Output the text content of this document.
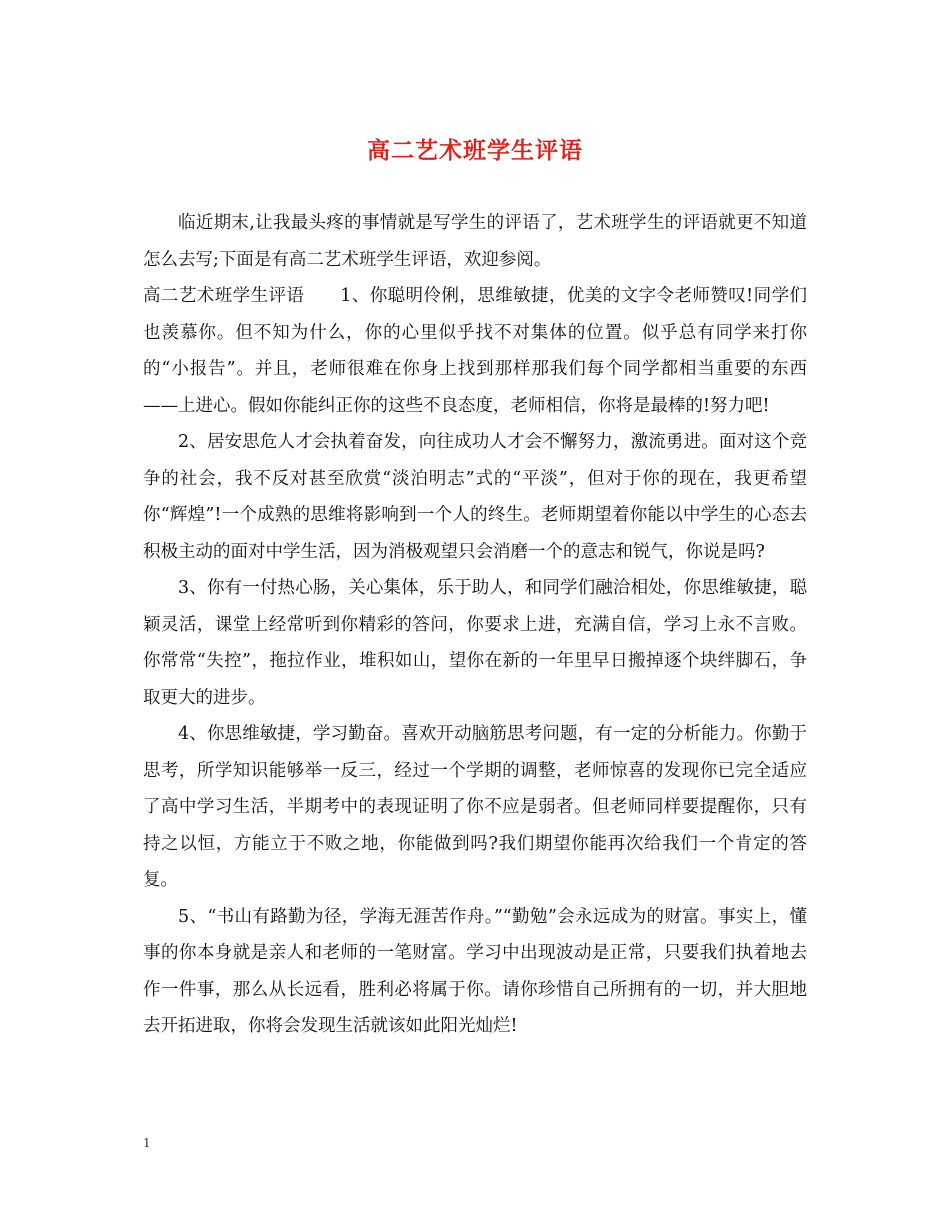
高二艺术班学生评语

临近期末,让我最头疼的事情就是写学生的评语了，艺术班学生的评语就更不知道怎么去写;下面是有高二艺术班学生评语，欢迎参阅。

高二艺术班学生评语　　1、你聪明伶俐，思维敏捷，优美的文字令老师赞叹!同学们也羡慕你。但不知为什么，你的心里似乎找不对集体的位置。似乎总有同学来打你的“小报告”。并且，老师很难在你身上找到那样那我们每个同学都相当重要的东西——上进心。假如你能纠正你的这些不良态度，老师相信，你将是最棒的!努力吧!

2、居安思危人才会执着奋发，向往成功人才会不懈努力，激流勇进。面对这个竞争的社会，我不反对甚至欣赏“淡泊明志”式的“平淡”，但对于你的现在，我更希望你“辉煌”!一个成熟的思维将影响到一个人的终生。老师期望着你能以中学生的心态去积极主动的面对中学生活，因为消极观望只会消磨一个的意志和锐气，你说是吗?

3、你有一付热心肠，关心集体，乐于助人，和同学们融洽相处，你思维敏捷，聪颖灵活，课堂上经常听到你精彩的答问，你要求上进，充满自信，学习上永不言败。你常常“失控”，拖拉作业，堆积如山，望你在新的一年里早日搬掉逐个块绊脚石，争取更大的进步。

4、你思维敏捷，学习勤奋。喜欢开动脑筋思考问题，有一定的分析能力。你勤于思考，所学知识能够举一反三，经过一个学期的调整，老师惊喜的发现你已完全适应了高中学习生活，半期考中的表现证明了你不应是弱者。但老师同样要提醒你，只有持之以恒，方能立于不败之地，你能做到吗?我们期望你能再次给我们一个肯定的答复。

5、“书山有路勤为径，学海无涯苦作舟。”“勤勉”会永远成为的财富。事实上，懂事的你本身就是亲人和老师的一笔财富。学习中出现波动是正常，只要我们执着地去作一件事，那么从长远看，胜利必将属于你。请你珍惜自己所拥有的一切，并大胆地去开拓进取，你将会发现生活就该如此阳光灿烂!

1
